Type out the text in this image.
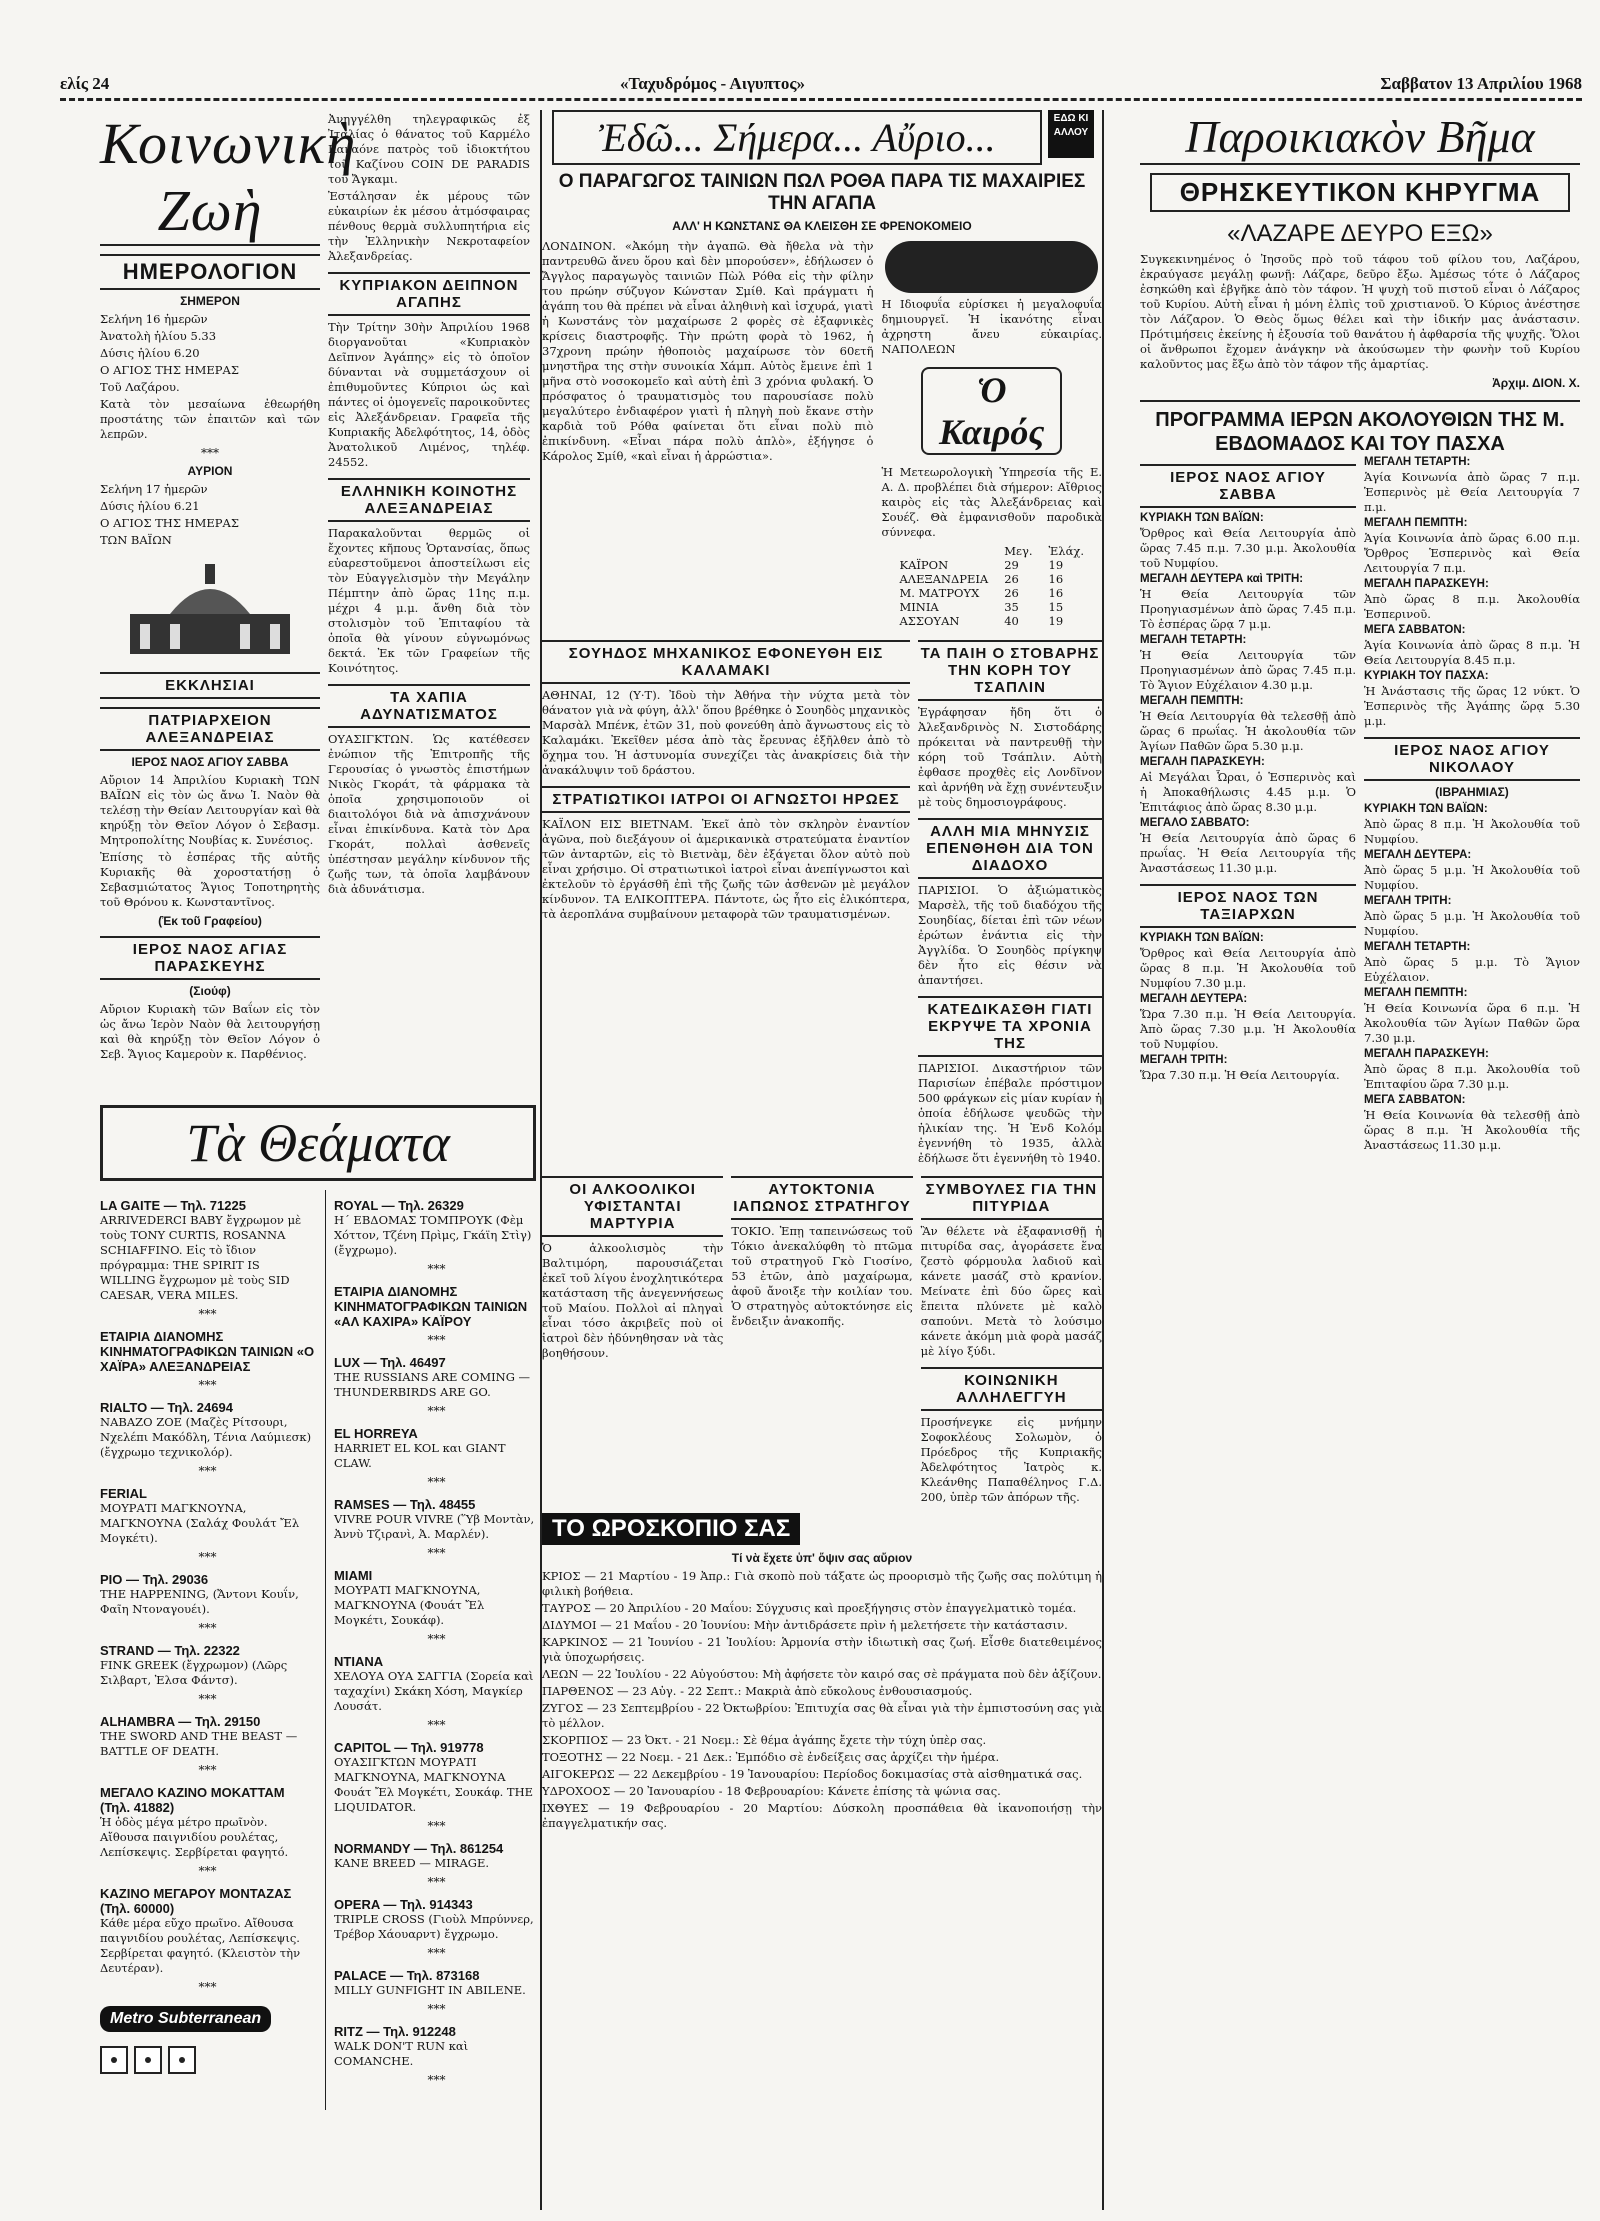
ελίς 24	«Ταχυδρόμος - Αιγυπτος»	Σαββατον 13 Απριλίου 1968
Κοινωνικὴ Ζωὴ
ΗΜΕΡΟΛΟΓΙΟΝ
ΣΗΜΕΡΟΝ

Σελήνη 16 ἡμερῶν

Ἀνατολὴ ἡλίου 5.33

Δύσις ἡλίου 6.20

Ο ΑΓΙΟΣ ΤΗΣ ΗΜΕΡΑΣ

Τοῦ Λαζάρου.

Κατὰ τὸν μεσαίωνα ἐθεωρήθη προστάτης τῶν ἐπαιτῶν καὶ τῶν λεπρῶν.

***
ΑΥΡΙΟΝ

Σελήνη 17 ἡμερῶν

Δύσις ἡλίου 6.21

Ο ΑΓΙΟΣ ΤΗΣ ΗΜΕΡΑΣ

ΤΩΝ ΒΑΪΩΝ

ΕΚΚΛΗΣΙΑΙ
ΠΑΤΡΙΑΡΧΕΙΟΝ ΑΛΕΞΑΝΔΡΕΙΑΣ
ΙΕΡΟΣ ΝΑΟΣ ΑΓΙΟΥ ΣΑΒΒΑ

Αὔριον 14 Ἀπριλίου Κυριακὴ ΤΩΝ ΒΑΪΩΝ εἰς τὸν ὡς ἄνω Ἱ. Ναὸν θὰ τελέσῃ τὴν Θείαν Λειτουργίαν καὶ θὰ κηρύξῃ τὸν Θεῖον Λόγον ὁ Σεβασμ. Μητροπολίτης Νουβίας κ. Συνέσιος.

Ἐπίσης τὸ ἑσπέρας τῆς αὐτῆς Κυριακῆς θὰ χοροστατήσῃ ὁ Σεβασμιώτατος Ἅγιος Τοποτηρητὴς τοῦ Θρόνου κ. Κωνσταντῖνος.

(Ἐκ τοῦ Γραφείου)
ΙΕΡΟΣ ΝΑΟΣ ΑΓΙΑΣ ΠΑΡΑΣΚΕΥΗΣ
(Σιούφ)

Αὔριον Κυριακὴ τῶν Βαΐων εἰς τὸν ὡς ἄνω Ἱερὸν Ναὸν θὰ λειτουργήσῃ καὶ θὰ κηρύξῃ τὸν Θεῖον Λόγον ὁ Σεβ. Ἅγιος Καμεροὺν κ. Παρθένιος.

Ἀνηγγέλθη τηλεγραφικῶς ἐξ Ἰταλίας ὁ θάνατος τοῦ Καρμέλο Καναόνε πατρὸς τοῦ ἰδιοκτήτου τοῦ Καζίνου COIN DE PARADIS τοῦ Ἄγκαμι.

Ἐστάλησαν ἐκ μέρους τῶν εὐκαιρίων ἐκ μέσου ἀτμόσφαιρας πένθους θερμὰ συλλυπητήρια εἰς τὴν Ἐλληνικὴν Νεκροταφείον Ἀλεξανδρείας.

ΚΥΠΡΙΑΚΟΝ ΔΕΙΠΝΟΝ ΑΓΑΠΗΣ

Τὴν Τρίτην 30ὴν Ἀπριλίου 1968 διοργανοῦται «Κυπριακὸν Δεῖπνον Ἀγάπης» εἰς τὸ ὁποῖον δύνανται νὰ συμμετάσχουν οἱ ἐπιθυμοῦντες Κύπριοι ὡς καὶ πάντες οἱ ὁμογενεῖς παροικοῦντες εἰς Ἀλεξάνδρειαν. Γραφεῖα τῆς Κυπριακῆς Ἀδελφότητος, 14, ὁδὸς Ἀνατολικοῦ Λιμένος, τηλέφ. 24552.

ΕΛΛΗΝΙΚΗ ΚΟΙΝΟΤΗΣ ΑΛΕΞΑΝΔΡΕΙΑΣ

Παρακαλοῦνται θερμῶς οἱ ἔχοντες κῆπους Ὁρτανσίας, ὅπως εὐαρεστοῦμενοι ἀποστείλωσι εἰς τὸν Εὐαγγελισμὸν τὴν Μεγάλην Πέμπτην ἀπὸ ὥρας 11ης π.μ. μέχρι 4 μ.μ. ἄνθη διὰ τὸν στολισμὸν τοῦ Ἐπιταφίου τὰ ὁποῖα θὰ γίνουν εὐγνωμόνως δεκτά. Ἐκ τῶν Γραφείων τῆς Κοινότητος.

ΤΑ ΧΑΠΙΑ ΑΔΥΝΑΤΙΣΜΑΤΟΣ

ΟΥΑΣΙΓΚΤΩΝ. Ὡς κατέθεσεν ἐνώπιον τῆς Ἐπιτροπῆς τῆς Γερουσίας ὁ γνωστὸς ἐπιστήμων Νικὸς Γκοράτ, τὰ φάρμακα τὰ ὁποῖα χρησιμοποιοῦν οἱ διαιτολόγοι διὰ νὰ ἀπισχνάνουν εἶναι ἐπικίνδυνα. Κατὰ τὸν Δρα Γκοράτ, πολλαὶ ἀσθενεῖς ὑπέστησαν μεγάλην κίνδυνον τῆς ζωῆς των, τὰ ὁποῖα λαμβάνουν διὰ ἀδυνάτισμα.

Τὰ Θεάματα
LA GAITE — Τηλ. 71225
ARRIVEDERCI BABY ἔγχρωμον μὲ τοὺς TONY CURTIS, ROSANNA SCHIAFFINO. Εἰς τὸ ἴδιον πρόγραμμα: THE SPIRIT IS WILLING ἔγχρωμον μὲ τοὺς SID CAESAR, VERA MILES.
***
ΕΤΑΙΡΙΑ ΔΙΑΝΟΜΗΣ ΚΙΝΗΜΑΤΟΓΡΑΦΙΚΩΝ ΤΑΙΝΙΩΝ «Ο ΧΑΪΡΑ» ΑΛΕΞΑΝΔΡΕΙΑΣ
***
RIALTO — Τηλ. 24694
ΝΑΒΑΖΟ ΖΟΕ (Μαζὲς Ρίτσουρι, Νχελέπι Μακόδλη, Τένια Λαύμιεσκ) (ἔγχρωμο τεχνικολόρ).
***
FERIAL
ΜΟΥΡΑΤΙ ΜΑΓΚΝΟΥΝΑ, ΜΑΓΚΝΟΥΝΑ (Σαλάχ Φουλάτ Ἔλ Μογκέτι).
***
ΡΙΟ — Τηλ. 29036
THE HAPPENING, (Ἄντονι Κουΐν, Φαῖη Ντοναγουέι).
***
STRAND — Τηλ. 22322
FINK GREEK (ἔγχρωμον) (Λῶρς Σιλβαρτ, Ἐλσα Φάντσ).
***
ALHAMBRA — Τηλ. 29150
THE SWORD AND THE BEAST — BATTLE OF DEATH.
***
ΜΕΓΑΛΟ ΚΑΖΙΝΟ ΜΟΚΑΤΤΑΜ (Τηλ. 41882)
Ἡ ὁδὸς μέγα μέτρο πρωῖνὸν. Αἴθουσα παιγνιδίου ρουλέτας, Λεπίσκεψις. Σερβίρεται φαγητό.
***
ΚΑΖΙΝΟ ΜΕΓΑΡΟΥ ΜΟΝΤΑΖΑΣ (Τηλ. 60000)
Κάθε μέρα εὔχο πρωῖνο. Αἴθουσα παιγνιδίου ρουλέτας, Λεπίσκεψις. Σερβίρεται φαγητό. (Κλειστὸν τὴν Δευτέραν).
***
Metro Subterranean
ROYAL — Τηλ. 26329
Η΄ ΕΒΔΟΜΑΣ ΤΟΜΠΡΟΥΚ (Φὲμ Χόττον, Τζένη Πρὶμς, Γκάϊη Στὶγ) (ἔγχρωμο).
***
ΕΤΑΙΡΙΑ ΔΙΑΝΟΜΗΣ ΚΙΝΗΜΑΤΟΓΡΑΦΙΚΩΝ ΤΑΙΝΙΩΝ «ΑΛ ΚΑΧΙΡΑ» ΚΑΪΡΟΥ
***
LUX — Τηλ. 46497
THE RUSSIANS ARE COMING — THUNDERBIRDS ARE GO.
***
EL HORREYA
HARRIET EL KOL και GIANT CLAW.
***
RAMSES — Τηλ. 48455
VIVRE POUR VIVRE (Ὕβ Μοντὰν, Ἀννὺ Τζιρανὶ, Ἀ. Μαρλέν).
***
ΜΙΑΜΙ
ΜΟΥΡΑΤΙ ΜΑΓΚΝΟΥΝΑ, ΜΑΓΚΝΟΥΝΑ (Φουάτ Ἔλ Μογκέτι, Σουκάφ).
***
ΝΤΙΑΝΑ
ΧΕΛΟΥΑ ΟΥΑ ΣΑΓΓΙΑ (Σορεία καὶ ταχαχίνι) Σκάκη Χόση, Μαγκίερ Λουσάτ.
***
CAPITOL — Τηλ. 919778
ΟΥΑΣΙΓΚΤΩΝ ΜΟΥΡΑΤΙ ΜΑΓΚΝΟΥΝΑ, ΜΑΓΚΝΟΥΝΑ Φουάτ Ἔλ Μογκέτι, Σουκάφ. THE LIQUIDATOR.
***
NORMANDY — Τηλ. 861254
KANE BREED — MIRAGE.
***
OPERA — Τηλ. 914343
TRIPLE CROSS (Γιοὺλ Μπρύννερ, Τρέβορ Χάουαρντ) ἔγχρωμο.
***
PALACE — Τηλ. 873168
MILLY GUNFIGHT IN ABILENE.
***
RITZ — Τηλ. 912248
WALK DON'T RUN καὶ COMANCHE.
***
Ἐδῶ... Σήμερα... Αὔριο...	ΕΔΩ ΚΙ ΑΛΛΟΥ
Ο ΠΑΡΑΓΩΓΟΣ ΤΑΙΝΙΩΝ ΠΩΛ ΡΟΘΑ ΠΑΡΑ ΤΙΣ ΜΑΧΑΙΡΙΕΣ ΤΗΝ ΑΓΑΠΑ
ΑΛΛ' Η ΚΩΝΣΤΑΝΣ ΘΑ ΚΛΕΙΣΘΗ ΣΕ ΦΡΕΝΟΚΟΜΕΙΟ

ΛΟΝΔΙΝΟΝ. «Ἀκόμη τὴν ἀγαπῶ. Θὰ ἤθελα νὰ τὴν παντρευθῶ ἄνευ ὅρου καὶ δὲν μπορούσεν», ἐδήλωσεν ὁ Ἄγγλος παραγωγὸς ταινιῶν Πὼλ Ρόθα εἰς τὴν φίλην του πρώην σύζυγον Κώνσταν Σμίθ. Καὶ πράγματι ἡ ἀγάπη του θὰ πρέπει νὰ εἶναι ἀληθινὴ καὶ ἰσχυρά, γιατὶ ἡ Κωνστάνς τὸν μαχαίρωσε 2 φορὲς σὲ ἐξαφνικὲς κρίσεις διαστροφῆς. Τὴν πρώτη φορὰ τὸ 1962, ἡ 37χρονη πρώην ἠθοποιὸς μαχαίρωσε τὸν 60ετῆ μνηστῆρα της στὴν συνοικία Χάμπ. Αὐτὸς ἔμεινε ἐπὶ 1 μῆνα στὸ νοσοκομεῖο καὶ αὐτὴ ἐπὶ 3 χρόνια φυλακή. Ὁ πρόσφατος ὁ τραυματισμὸς του παρουσίασε πολὺ μεγαλύτερο ἐνδιαφέρον γιατὶ ἡ πληγὴ ποὺ ἔκανε στὴν καρδιὰ τοῦ Ρόθα φαίνεται ὅτι εἶναι πολὺ πιὸ ἐπικίνδυνη. «Εἶναι πάρα πολὺ ἁπλὸ», ἐξήγησε ὁ Κάρολος Σμίθ, «καὶ εἶναι ἡ ἀρρώστια».

Η Ιδιοφυΐα εὑρίσκει ἡ μεγαλοφυΐα δημιουργεῖ. Ἡ ἱκανότης εἶναι ἀχρηστη ἄνευ εὐκαιρίας. ΝΑΠΟΛΕΩΝ

Ὁ Καιρός

Ἡ Μετεωρολογικὴ Ὑπηρεσία τῆς Ε. Α. Δ. προβλέπει διὰ σήμερον: Αἴθριος καιρὸς εἰς τὰς Ἀλεξάνδρειας καὶ Σουέζ. Θὰ ἐμφανισθοῦν παροδικὰ σύννεφα.

	Μεγ.	Ἐλάχ.
ΚΑΪΡΟΝ	29	19
ΑΛΕΞΑΝΔΡΕΙΑ	26	16
Μ. ΜΑΤΡΟΥΧ	26	16
ΜΙΝΙΑ	35	15
ΑΣΣΟΥΑΝ	40	19
ΣΟΥΗΔΟΣ ΜΗΧΑΝΙΚΟΣ ΕΦΟΝΕΥΘΗ ΕΙΣ ΚΑΛΑΜΑΚΙ

ΑΘΗΝΑΙ, 12 (Υ·Τ). Ἰδοὺ τὴν Ἀθήνα τὴν νύχτα μετὰ τὸν θάνατον γιὰ νὰ φύγη, ἀλλ' ὅπου βρέθηκε ὁ Σουηδὸς μηχανικὸς Μαρσὰλ Μπένκ, ἐτῶν 31, ποὺ φονεύθη ἀπὸ ἄγνωστους εἰς τὸ Καλαμάκι. Ἐκεῖθεν μέσα ἀπὸ τὰς ἔρευνας ἐξῆλθεν ἀπὸ τὸ ὄχημα του. Ἡ ἀστυνομία συνεχίζει τὰς ἀνακρίσεις διὰ τὴν ἀνακάλυψιν τοῦ δράστου.

ΣΤΡΑΤΙΩΤΙΚΟΙ ΙΑΤΡΟΙ ΟΙ ΑΓΝΩΣΤΟΙ ΗΡΩΕΣ

ΚΑΪΛΟΝ ΕΙΣ ΒΙΕΤΝΑΜ. Ἐκεῖ ἀπὸ τὸν σκληρὸν ἐναντίον ἀγῶνα, ποὺ διεξάγουν οἱ ἀμερικανικὰ στρατεύματα ἐναντίον τῶν ἀνταρτῶν, εἰς τὸ Βιετνὰμ, δὲν ἐξάγεται ὅλον αὐτὸ ποὺ εἶναι χρήσιμο. Οἱ στρατιωτικοὶ ἰατροὶ εἶναι ἀνεπίγνωστοι καὶ ἐκτελοῦν τὸ ἐργάσθῆ ἐπὶ τῆς ζωῆς τῶν ἀσθενῶν μὲ μεγάλον κίνδυνον. ΤΑ ΕΛΙΚΟΠΤΕΡΑ. Πάντοτε, ὡς ἦτο εἰς ἐλικόπτερα, τὰ ἀεροπλάνα συμβαίνουν μεταφορὰ τῶν τραυματισμένων.

ΤΑ ΠΑΙΗ Ο ΣΤΟΒΑΡΗΣ ΤΗΝ ΚΟΡΗ ΤΟΥ ΤΣΑΠΛΙΝ

Ἐγράφησαν ἤδη ὅτι ὁ Ἀλεξανδρινὸς Ν. Σιστοδάρης πρόκειται νὰ παντρευθῇ τὴν κόρη τοῦ Τσάπλιν. Αὐτὴ ἐφθασε προχθὲς εἰς Λονδῖνον καὶ ἀρνήθη νὰ ἔχῃ συνέντευξιν μὲ τοὺς δημοσιογράφους.

ΑΛΛΗ ΜΙΑ ΜΗΝΥΣΙΣ ΕΠΕΝΘΗΘΗ ΔΙΑ ΤΟΝ ΔΙΑΔΟΧΟ

ΠΑΡΙΣΙΟΙ. Ὁ ἀξιώματικὸς Μαρσὲλ, τῆς τοῦ διαδόχου τῆς Σουηδίας, δίεται ἐπὶ τῶν νέων ἐρώτων ἐνάντια εἰς τὴν Ἀγγλίδα. Ὁ Σουηδὸς πρίγκηψ δὲν ἦτο εἰς θέσιν νὰ ἀπαντήσει.

ΚΑΤΕΔΙΚΑΣΘΗ ΓΙΑΤΙ ΕΚΡΥΨΕ ΤΑ ΧΡΟΝΙΑ ΤΗΣ

ΠΑΡΙΣΙΟΙ. Δικαστήριον τῶν Παρισίων ἐπέβαλε πρόστιμον 500 φράγκων εἰς μίαν κυρίαν ἡ ὁποία ἐδήλωσε ψευδῶς τὴν ἡλικίαν της. Ἡ Ἐνδ Κολόμ ἐγεννήθη τὸ 1935, ἀλλὰ ἐδήλωσε ὅτι ἐγεννήθη τὸ 1940.

ΟΙ ΑΛΚΟΟΛΙΚΟΙ ΥΦΙΣΤΑΝΤΑΙ ΜΑΡΤΥΡΙΑ

Ὁ ἀλκοολισμὸς τὴν Βαλτιμόρη, παρουσιάζεται ἐκεῖ τοῦ λίγου ἐνοχλητικότερα κατάσταση τῆς ἀνεγεννήσεως τοῦ Μαίου. Πολλοὶ αἱ πληγαὶ εἶναι τόσο ἀκριβεῖς ποὺ οἱ ἰατροὶ δὲν ἠδύνηθησαν νὰ τὰς βοηθήσουν.

ΑΥΤΟΚΤΟΝΙΑ ΙΑΠΩΝΟΣ ΣΤΡΑΤΗΓΟΥ

ΤΟΚΙΟ. Ἑπῃ ταπεινώσεως τοῦ Τόκιο ἀνεκαλύφθη τὸ πτῶμα τοῦ στρατηγοῦ Γκὸ Γιοσίνο, 53 ἐτῶν, ἀπὸ μαχαίρωμα, ἀφοῦ ἄνοιξε τὴν κοιλίαν του. Ὁ στρατηγὸς αὐτοκτόνησε εἰς ἔνδειξιν ἀνακοπῆς.

ΣΥΜΒΟΥΛΕΣ ΓΙΑ ΤΗΝ ΠΙΤΥΡΙΔΑ

Ἂν θέλετε νὰ ἐξαφανισθῇ ἡ πιτυρίδα σας, ἀγοράσετε ἕνα ζεστὸ φόρμουλα λαδιοῦ καὶ κάνετε μασάζ στὸ κρανίον. Μείνατε ἐπὶ δύο ὥρες καὶ ἔπειτα πλύνετε μὲ καλὸ σαπούνι. Μετὰ τὸ λούσιμο κάνετε ἀκόμη μιὰ φορὰ μασάζ μὲ λίγο ξύδι.

ΚΟΙΝΩΝΙΚΗ ΑΛΛΗΛΕΓΓΥΗ

Προσήνεγκε εἰς μνήμην Σοφοκλέους Σολωμὸν, ὁ Πρόεδρος τῆς Κυπριακῆς Ἀδελφότητος Ἰατρὸς κ. Κλεάνθης Παπαθέληνος Γ.Δ. 200, ὑπὲρ τῶν ἀπόρων τῆς.

ΤΟ ΩΡΟΣΚΟΠΙΟ ΣΑΣ
Τί νὰ ἔχετε ὑπ' ὄψιν σας αὔριον

ΚΡΙΟΣ — 21 Μαρτίου - 19 Ἀπρ.: Γιὰ σκοπὸ ποὺ τάξατε ὡς προορισμὸ τῆς ζωῆς σας πολύτιμη ἡ φιλικὴ βοήθεια.

ΤΑΥΡΟΣ — 20 Ἀπριλίου - 20 Μαΐου: Σύγχυσις καὶ προεξήγησις στὸν ἐπαγγελματικὸ τομέα.

ΔΙΔΥΜΟΙ — 21 Μαΐου - 20 Ἰουνίου: Μὴν ἀντιδράσετε πρὶν ἡ μελετήσετε τὴν κατάστασιν.

ΚΑΡΚΙΝΟΣ — 21 Ἰουνίου - 21 Ἰουλίου: Ἁρμονία στὴν ἰδιωτικὴ σας ζωή. Εἶσθε διατεθειμένος γιὰ ὑποχωρήσεις.

ΛΕΩΝ — 22 Ἰουλίου - 22 Αὐγούστου: Μὴ ἀφήσετε τὸν καιρό σας σὲ πράγματα ποὺ δὲν ἀξίζουν.

ΠΑΡΘΕΝΟΣ — 23 Αὐγ. - 22 Σεπτ.: Μακριὰ ἀπὸ εὔκολους ἐνθουσιασμούς.

ΖΥΓΟΣ — 23 Σεπτεμβρίου - 22 Ὀκτωβρίου: Ἐπιτυχία σας θὰ εἶναι γιὰ τὴν ἐμπιστοσύνη σας γιὰ τὸ μέλλον.

ΣΚΟΡΠΙΟΣ — 23 Ὀκτ. - 21 Νοεμ.: Σὲ θέμα ἀγάπης ἔχετε τὴν τύχη ὑπὲρ σας.

ΤΟΞΟΤΗΣ — 22 Νοεμ. - 21 Δεκ.: Ἐμπόδιο σὲ ἐνδείξεις σας ἀρχίζει τὴν ἡμέρα.

ΑΙΓΟΚΕΡΩΣ — 22 Δεκεμβρίου - 19 Ἰανουαρίου: Περίοδος δοκιμασίας στὰ αἰσθηματικά σας.

ΥΔΡΟΧΟΟΣ — 20 Ἰανουαρίου - 18 Φεβρουαρίου: Κάνετε ἐπίσης τὰ ψώνια σας.

ΙΧΘΥΕΣ — 19 Φεβρουαρίου - 20 Μαρτίου: Δύσκολη προσπάθεια θὰ ἱκανοποιήσῃ τὴν ἐπαγγελματικήν σας.

Παροικιακὸν Βῆμα
ΘΡΗΣΚΕΥΤΙΚΟΝ ΚΗΡΥΓΜΑ
«ΛΑΖΑΡΕ ΔΕΥΡΟ ΕΞΩ»

Συγκεκινημένος ὁ Ἰησοῦς πρὸ τοῦ τάφου τοῦ φίλου του, Λαζάρου, ἐκραύγασε μεγάλῃ φωνῇ: Λάζαρε, δεῦρο ἔξω. Ἀμέσως τότε ὁ Λάζαρος ἐσηκώθη καὶ ἐβγῆκε ἀπὸ τὸν τάφον. Ἡ ψυχὴ τοῦ πιστοῦ εἶναι ὁ Λάζαρος τοῦ Κυρίου. Αὐτὴ εἶναι ἡ μόνη ἐλπὶς τοῦ χριστιανοῦ. Ὁ Κύριος ἀνέστησε τὸν Λάζαρον. Ὁ Θεὸς ὅμως θέλει καὶ τὴν ἰδικήν μας ἀνάστασιν. Πρότιμήσεις ἐκείνης ἡ ἐξουσία τοῦ θανάτου ἡ ἀφθαρσία τῆς ψυχῆς. Ὅλοι οἱ ἄνθρωποι ἔχομεν ἀνάγκην νὰ ἀκούσωμεν τὴν φωνὴν τοῦ Κυρίου καλοῦντος μας ἔξω ἀπὸ τὸν τάφον τῆς ἁμαρτίας.

Ἀρχιμ. ΔΙΟΝ. Χ.
ΠΡΟΓΡΑΜΜΑ ΙΕΡΩΝ ΑΚΟΛΟΥΘΙΩΝ ΤΗΣ Μ. ΕΒΔΟΜΑΔΟΣ ΚΑΙ ΤΟΥ ΠΑΣΧΑ
ΙΕΡΟΣ ΝΑΟΣ ΑΓΙΟΥ ΣΑΒΒΑ
ΚΥΡΙΑΚΗ ΤΩΝ ΒΑΪΩΝ:

Ὄρθρος καὶ Θεία Λειτουργία ἀπὸ ὥρας 7.45 π.μ. 7.30 μ.μ. Ἀκολουθία τοῦ Νυμφίου.

ΜΕΓΑΛΗ ΔΕΥΤΕΡΑ καὶ ΤΡΙΤΗ:

Ἡ Θεία Λειτουργία τῶν Προηγιασμένων ἀπὸ ὥρας 7.45 π.μ. Τὸ ἑσπέρας ὥρᾳ 7 μ.μ.

ΜΕΓΑΛΗ ΤΕΤΑΡΤΗ:

Ἡ Θεία Λειτουργία τῶν Προηγιασμένων ἀπὸ ὥρας 7.45 π.μ. Τὸ Ἅγιον Εὐχέλαιον 4.30 μ.μ.

ΜΕΓΑΛΗ ΠΕΜΠΤΗ:

Ἡ Θεία Λειτουργία θὰ τελεσθῇ ἀπὸ ὥρας 6 πρωΐας. Ἡ ἀκολουθία τῶν Ἁγίων Παθῶν ὥρα 5.30 μ.μ.

ΜΕΓΑΛΗ ΠΑΡΑΣΚΕΥΗ:

Αἱ Μεγάλαι Ὧραι, ὁ Ἑσπερινὸς καὶ ἡ Ἀποκαθήλωσις 4.45 μ.μ. Ὁ Ἐπιτάφιος ἀπὸ ὥρας 8.30 μ.μ.

ΜΕΓΑΛΟ ΣΑΒΒΑΤΟ:

Ἡ Θεία Λειτουργία ἀπὸ ὥρας 6 πρωΐας. Ἡ Θεία Λειτουργία τῆς Ἀναστάσεως 11.30 μ.μ.

ΙΕΡΟΣ ΝΑΟΣ ΤΩΝ ΤΑΞΙΑΡΧΩΝ
ΚΥΡΙΑΚΗ ΤΩΝ ΒΑΪΩΝ:

Ὄρθρος καὶ Θεία Λειτουργία ἀπὸ ὥρας 8 π.μ. Ἡ Ἀκολουθία τοῦ Νυμφίου 7.30 μ.μ.

ΜΕΓΑΛΗ ΔΕΥΤΕΡΑ:

Ὥρα 7.30 π.μ. Ἡ Θεία Λειτουργία. Ἀπὸ ὥρας 7.30 μ.μ. Ἡ Ἀκολουθία τοῦ Νυμφίου.

ΜΕΓΑΛΗ ΤΡΙΤΗ:

Ὥρα 7.30 π.μ. Ἡ Θεία Λειτουργία.

ΜΕΓΑΛΗ ΤΕΤΑΡΤΗ:

Ἁγία Κοινωνία ἀπὸ ὥρας 7 π.μ. Ἑσπερινὸς μὲ Θεία Λειτουργία 7 π.μ.

ΜΕΓΑΛΗ ΠΕΜΠΤΗ:

Ἁγία Κοινωνία ἀπὸ ὥρας 6.00 π.μ. Ὄρθρος Ἑσπερινὸς καὶ Θεία Λειτουργία 7 π.μ.

ΜΕΓΑΛΗ ΠΑΡΑΣΚΕΥΗ:

Ἀπὸ ὥρας 8 π.μ. Ἀκολουθία Ἑσπερινοῦ.

ΜΕΓΑ ΣΑΒΒΑΤΟΝ:

Ἁγία Κοινωνία ἀπὸ ὥρας 8 π.μ. Ἡ Θεία Λειτουργία 8.45 π.μ.

ΚΥΡΙΑΚΗ ΤΟΥ ΠΑΣΧΑ:

Ἡ Ἀνάστασις τῆς ὥρας 12 νύκτ. Ὁ Ἑσπερινὸς τῆς Ἀγάπης ὥρᾳ 5.30 μ.μ.

ΙΕΡΟΣ ΝΑΟΣ ΑΓΙΟΥ ΝΙΚΟΛΑΟΥ
(ΙΒΡΑΗΜΙΑΣ)
ΚΥΡΙΑΚΗ ΤΩΝ ΒΑΪΩΝ:

Ἀπὸ ὥρας 8 π.μ. Ἡ Ἀκολουθία τοῦ Νυμφίου.

ΜΕΓΑΛΗ ΔΕΥΤΕΡΑ:

Ἀπὸ ὥρας 5 μ.μ. Ἡ Ἀκολουθία τοῦ Νυμφίου.

ΜΕΓΑΛΗ ΤΡΙΤΗ:

Ἀπὸ ὥρας 5 μ.μ. Ἡ Ἀκολουθία τοῦ Νυμφίου.

ΜΕΓΑΛΗ ΤΕΤΑΡΤΗ:

Ἀπὸ ὥρας 5 μ.μ. Τὸ Ἅγιον Εὐχέλαιον.

ΜΕΓΑΛΗ ΠΕΜΠΤΗ:

Ἡ Θεία Κοινωνία ὥρα 6 π.μ. Ἡ Ἀκολουθία τῶν Ἁγίων Παθῶν ὥρα 7.30 μ.μ.

ΜΕΓΑΛΗ ΠΑΡΑΣΚΕΥΗ:

Ἀπὸ ὥρας 8 π.μ. Ἀκολουθία τοῦ Ἐπιταφίου ὥρα 7.30 μ.μ.

ΜΕΓΑ ΣΑΒΒΑΤΟΝ:

Ἡ Θεία Κοινωνία θὰ τελεσθῇ ἀπὸ ὥρας 8 π.μ. Ἡ Ἀκολουθία τῆς Ἀναστάσεως 11.30 μ.μ.
